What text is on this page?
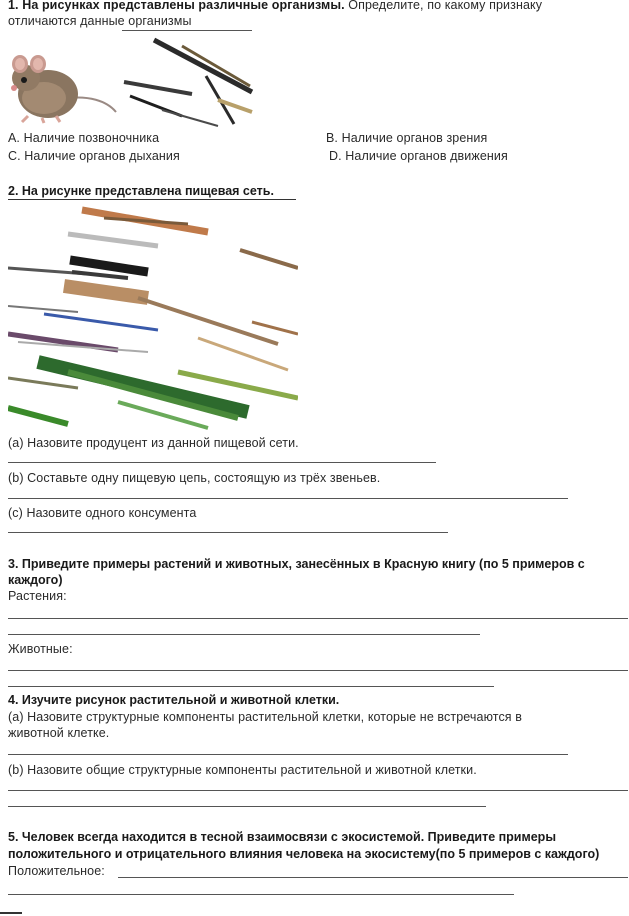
1. На рисунках представлены различные организмы. Определите, по какому признаку
отличаются данные организмы
A. Наличие позвоночника	B. Наличие органов зрения
C. Наличие органов дыхания	D. Наличие органов движения
2. На рисунке представлена пищевая сеть.
(a) Назовите продуцент из данной пищевой сети.
(b) Составьте одну пищевую цепь, состоящую из трёх звеньев.
(c) Назовите одного консумента
3. Приведите примеры растений и животных, занесённых в Красную книгу (по 5 примеров с
каждого)
Растения:
Животные:
4. Изучите рисунок растительной и животной клетки.
(a) Назовите структурные компоненты растительной клетки, которые не встречаются в
животной клетке.
(b) Назовите общие структурные компоненты растительной и животной клетки.
5. Человек всегда находится в тесной взаимосвязи с экосистемой. Приведите примеры
положительного и отрицательного влияния человека на экосистему(по 5 примеров с каждого)
Положительное:
